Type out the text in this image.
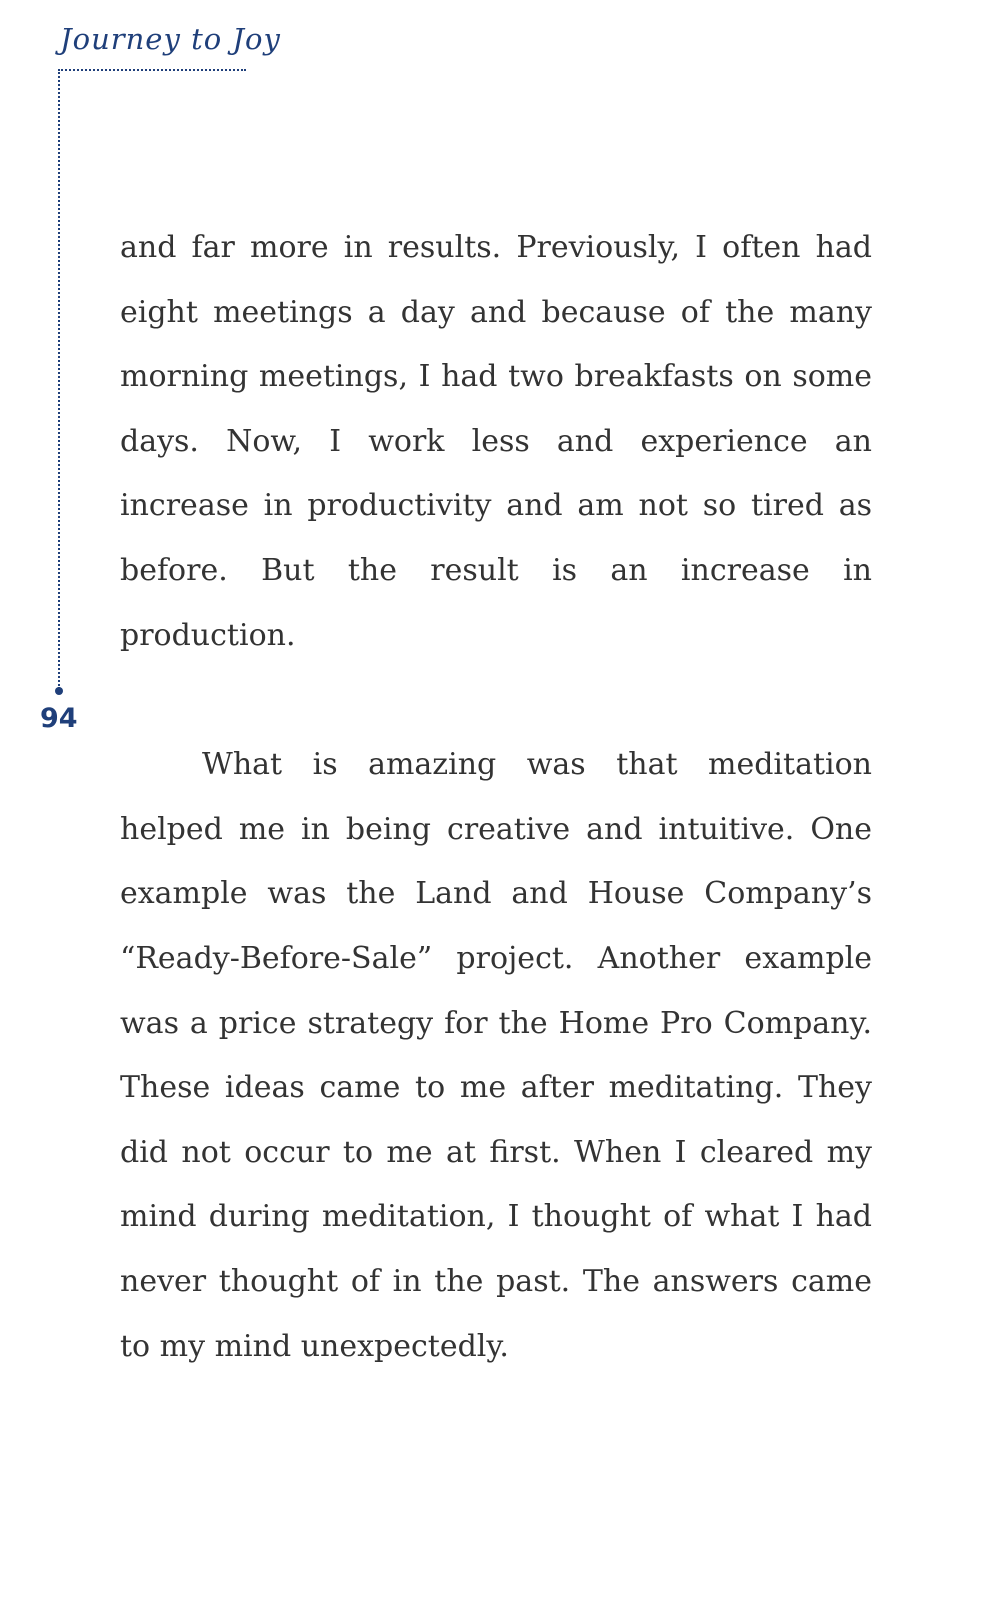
Journey to Joy
94

and far more in results. Previously, I often had eight meetings a day and because of the many morning meetings, I had two breakfasts on some days. Now, I work less and experience an increase in productivity and am not so tired as before. But the result is an increase in production.

What is amazing was that meditation helped me in being creative and intuitive. One example was the Land and House Company’s “Ready-Before-Sale” project. Another example was a price strategy for the Home Pro Company. These ideas came to me after meditating. They did not occur to me at first. When I cleared my mind during meditation, I thought of what I had never thought of in the past. The answers came to my mind unexpectedly.
